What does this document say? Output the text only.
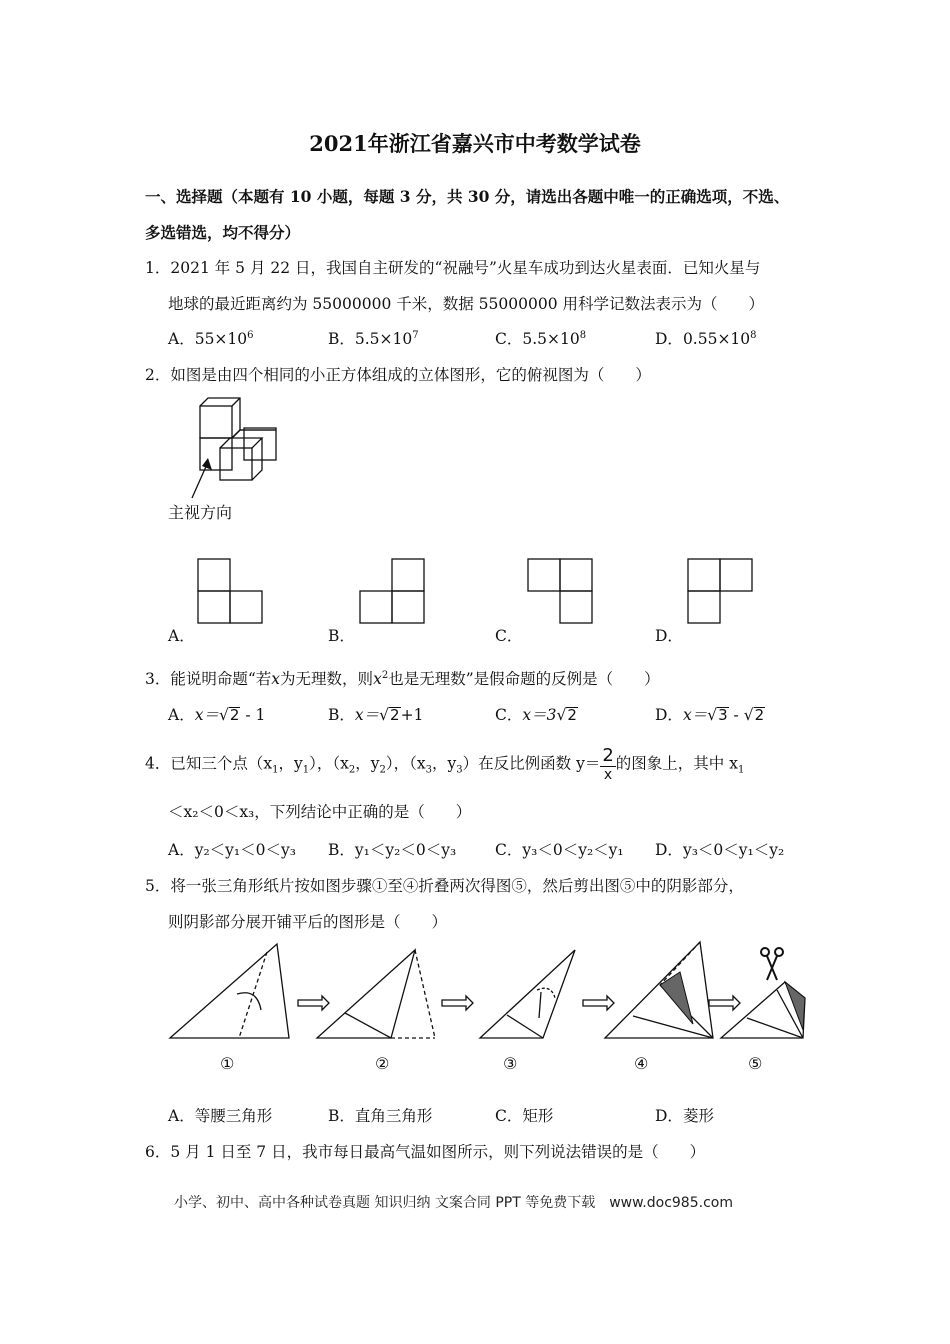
2021年浙江省嘉兴市中考数学试卷
一、选择题（本题有 10 小题，每题 3 分，共 30 分，请选出各题中唯一的正确选项，不选、
多选错选，均不得分）
1．2021 年 5 月 22 日，我国自主研发的“祝融号”火星车成功到达火星表面．已知火星与
地球的最近距离约为 55000000 千米，数据 55000000 用科学记数法表示为（　　）
A．$55\times 10^6$	B．$5.5\times 10^7$	C．$5.5\times 10^8$	D．$0.55\times 10^8$
2．如图是由四个相同的小正方体组成的立体图形，它的俯视图为（　　）
主视方向
A．	B．	C．	D．
3．能说明命题“若x为无理数，则$x^2$也是无理数”是假命题的反例是（　　）
A．x＝√2 - 1	B．x＝√2+1	C．x＝3√2	D．x＝√3 - √2
4．已知三个点（$x_1$，$y_1$），（$x_2$，$y_2$），（$x_3$，$y_3$）在反比例函数 $y= \frac{2}{x}$ 的图象上，其中 $x_1$
＜x₂＜0＜x₃，下列结论中正确的是（　　）
A．y₂＜y₁＜0＜y₃ B．y₁＜y₂＜0＜y₃	C．y₃＜0＜y₂＜y₁ D．y₃＜0＜y₁＜y₂
5．将一张三角形纸片按如图步骤①至④折叠两次得图⑤，然后剪出图⑤中的阴影部分，
则阴影部分展开铺平后的图形是（　　）
①	②	③	④	⑤
A．等腰三角形	B．直角三角形	C．矩形	D．菱形
6．5 月 1 日至 7 日，我市每日最高气温如图所示，则下列说法错误的是（　　）
小学、初中、高中各种试卷真题 知识归纳 文案合同 PPT 等免费下载　www.doc985.com
